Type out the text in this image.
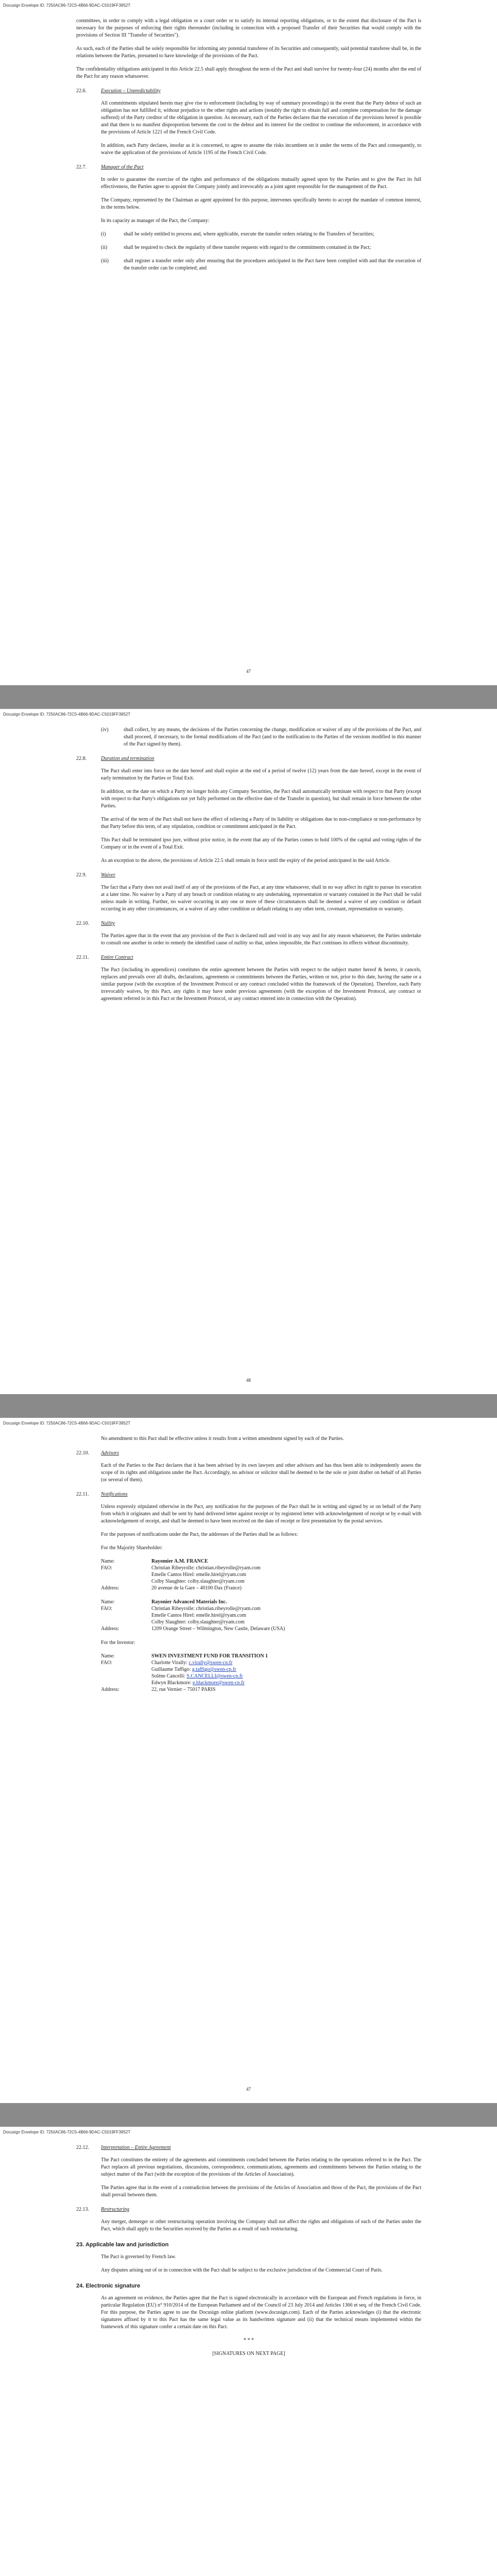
Docusign Envelope ID: 7250AC86-72C5-4B66-9DAC-C5019FF3952T

committees, in order to comply with a legal obligation or a court order or to satisfy its internal reporting obligations, or to the extent that disclosure of the Pact is necessary for the purposes of enforcing their rights thereunder (including in connection with a proposed Transfer of their Securities that would comply with the provisions of Section III "Transfer of Securities").

As such, each of the Parties shall be solely responsible for informing any potential transferee of its Securities and consequently, said potential transferee shall be, in the relations between the Parties, presumed to have knowledge of the provisions of the Pact.

The confidentiality obligations anticipated in this Article 22.5 shall apply throughout the term of the Pact and shall survive for twenty-four (24) months after the end of the Pact for any reason whatsoever.

22.6.	Execution – Unpredictability

All commitments stipulated herein may give rise to enforcement (including by way of summary proceedings) in the event that the Party debtor of such an obligation has not fulfilled it, without prejudice to the other rights and actions (notably the right to obtain full and complete compensation for the damage suffered) of the Party creditor of the obligation in question. As necessary, each of the Parties declares that the execution of the provisions hereof is possible and that there is no manifest disproportion between the cost to the debtor and its interest for the creditor to continue the enforcement, in accordance with the provisions of Article 1221 of the French Civil Code.

In addition, each Party declares, insofar as it is concerned, to agree to assume the risks incumbent on it under the terms of the Pact and consequently, to waive the application of the provisions of Article 1195 of the French Civil Code.

22.7.	Manager of the Pact

In order to guarantee the exercise of the rights and performance of the obligations mutually agreed upon by the Parties and to give the Pact its full effectiveness, the Parties agree to appoint the Company jointly and irrevocably as a joint agent responsible for the management of the Pact.

The Company, represented by the Chairman as agent appointed for this purpose, intervenes specifically hereto to accept the mandate of common interest, in the terms below.

In its capacity as manager of the Pact, the Company:

(i)	shall be solely entitled to process and, where applicable, execute the transfer orders relating to the Transfers of Securities;
(ii)	shall be required to check the regularity of these transfer requests with regard to the commitments contained in the Pact;
(iii)	shall register a transfer order only after ensuring that the procedures anticipated in the Pact have been complied with and that the execution of the transfer order can be completed; and
47
Docusign Envelope ID: 7250AC86-72C5-4B66-9DAC-C5019FF3952T
(iv)	shall collect, by any means, the decisions of the Parties concerning the change, modification or waiver of any of the provisions of the Pact, and shall proceed, if necessary, to the formal modifications of the Pact (and to the notification to the Parties of the versions modified in this manner of the Pact signed by them).
22.8.	Duration and termination

The Pact shall enter into force on the date hereof and shall expire at the end of a period of twelve (12) years from the date hereof, except in the event of early termination by the Parties or Total Exit.

In addition, on the date on which a Party no longer holds any Company Securities, the Pact shall automatically terminate with respect to that Party (except with respect to that Party's obligations not yet fully performed on the effective date of the Transfer in question), but shall remain in force between the other Parties.

The arrival of the term of the Pact shall not have the effect of relieving a Party of its liability or obligations due to non-compliance or non-performance by that Party before this term, of any stipulation, condition or commitment anticipated in the Pact.

This Pact shall be terminated ipso jure, without prior notice, in the event that any of the Parties comes to hold 100% of the capital and voting rights of the Company or in the event of a Total Exit.

As an exception to the above, the provisions of Article 22.5 shall remain in force until the expiry of the period anticipated in the said Article.

22.9.	Waiver

The fact that a Party does not avail itself of any of the provisions of the Pact, at any time whatsoever, shall in no way affect its right to pursue its execution at a later time. No waiver by a Party of any breach or condition relating to any undertaking, representation or warranty contained in the Pact shall be valid unless made in writing. Further, no waiver occurring in any one or more of these circumstances shall be deemed a waiver of any condition or default occurring in any other circumstances, or a waiver of any other condition or default relating to any other term, covenant, representation or warranty.

22.10.	Nullity

The Parties agree that in the event that any provision of the Pact is declared null and void in any way and for any reason whatsoever, the Parties undertake to consult one another in order to remedy the identified cause of nullity so that, unless impossible, the Pact continues its effects without discontinuity.

22.11.	Entire Contract

The Pact (including its appendices) constitutes the entire agreement between the Parties with respect to the subject matter hereof & hereto, it cancels, replaces and prevails over all drafts, declarations, agreements or commitments between the Parties, written or not, prior to this date, having the same or a similar purpose (with the exception of the Investment Protocol or any contract concluded within the framework of the Operation). Therefore, each Party irrevocably waives, by this Pact, any rights it may have under previous agreements (with the exception of the Investment Protocol, any contract or agreement referred to in this Pact or the Investment Protocol, or any contract entered into in connection with the Operation).

48
Docusign Envelope ID: 7250AC86-72C5-4B66-9DAC-C5019FF3952T

No amendment to this Pact shall be effective unless it results from a written amendment signed by each of the Parties.

22.10.	Advisors

Each of the Parties to the Pact declares that it has been advised by its own lawyers and other advisors and has thus been able to independently assess the scope of its rights and obligations under the Pact. Accordingly, no advisor or solicitor shall be deemed to be the sole or joint drafter on behalf of all Parties (or several of them).

22.11.	Notifications

Unless expressly stipulated otherwise in the Pact, any notification for the purposes of the Pact shall be in writing and signed by or on behalf of the Party from which it originates and shall be sent by hand delivered letter against receipt or by registered letter with acknowledgement of receipt or by e-mail with acknowledgement of receipt, and shall be deemed to have been received on the date of receipt or first presentation by the postal services.

For the purposes of notifications under the Pact, the addresses of the Parties shall be as follows:

For the Majority Shareholder:

Name:	Rayomier A.M. FRANCE
FAO:	Christian Ribeyrolle: christian.ribeyrolle@ryam.com
Emelle Cantos Hirel: emelle.hirel@ryam.com
Colby Slaughter: colby.slaughter@ryam.com
Address:	20 avenue de la Gare – 40100 Dax (France)
Name:	Rayonier Advanced Materials Inc.
FAO:	Christian Ribeyrolle: christian.ribeyrolle@ryam.com
Emelle Cantos Hirel: emelle.hirel@ryam.com
Colby Slaughter: colby.slaughter@ryam.com
Address:	1209 Orange Street – Wilmington, New Castle, Delaware (USA)

For the Investor:

Name:	SWEN INVESTMENT FUND FOR TRANSITION 1
FAO:	Charlotte Virally: c.virally@swen-cp.fr
Guillaume Taffigo: g.taffigo@swen-cp.fr
Solène Cancelli: S.CANCELLI@swen-cp.fr
Edwyn Blackmore: e.blackmore@swen-cp.fr
Address:	22, rue Vernier – 75017 PARIS
47
Docusign Envelope ID: 7250AC86-72C5-4B66-9DAC-C5019FF3952T
22.12.	Interpretation – Entire Agreement

The Pact constitutes the entirety of the agreements and commitments concluded between the Parties relating to the operations referred to in the Pact. The Pact replaces all previous negotiations, discussions, correspondence, communications, agreements and commitments between the Parties relating to the subject matter of the Pact (with the exception of the provisions of the Articles of Association).

The Parties agree that in the event of a contradiction between the provisions of the Articles of Association and those of the Pact, the provisions of the Pact shall prevail between them.

22.13.	Restructuring

Any merger, demerger or other restructuring operation involving the Company shall not affect the rights and obligations of each of the Parties under the Pact, which shall apply to the Securities received by the Parties as a result of such restructuring.

23. Applicable law and jurisdiction

The Pact is governed by French law.

Any disputes arising out of or in connection with the Pact shall be subject to the exclusive jurisdiction of the Commercial Court of Paris.

24. Electronic signature

As an agreement on evidence, the Parties agree that the Pact is signed electronically in accordance with the European and French regulations in force, in particular Regulation (EU) n° 910/2014 of the European Parliament and of the Council of 23 July 2014 and Articles 1366 et seq. of the French Civil Code. For this purpose, the Parties agree to use the Docusign online platform (www.docusign.com). Each of the Parties acknowledges (i) that the electronic signatures affixed by it to this Pact has the same legal value as its handwritten signature and (ii) that the technical means implemented within the framework of this signature confer a certain date on this Pact.

* * *

[SIGNATURES ON NEXT PAGE]
